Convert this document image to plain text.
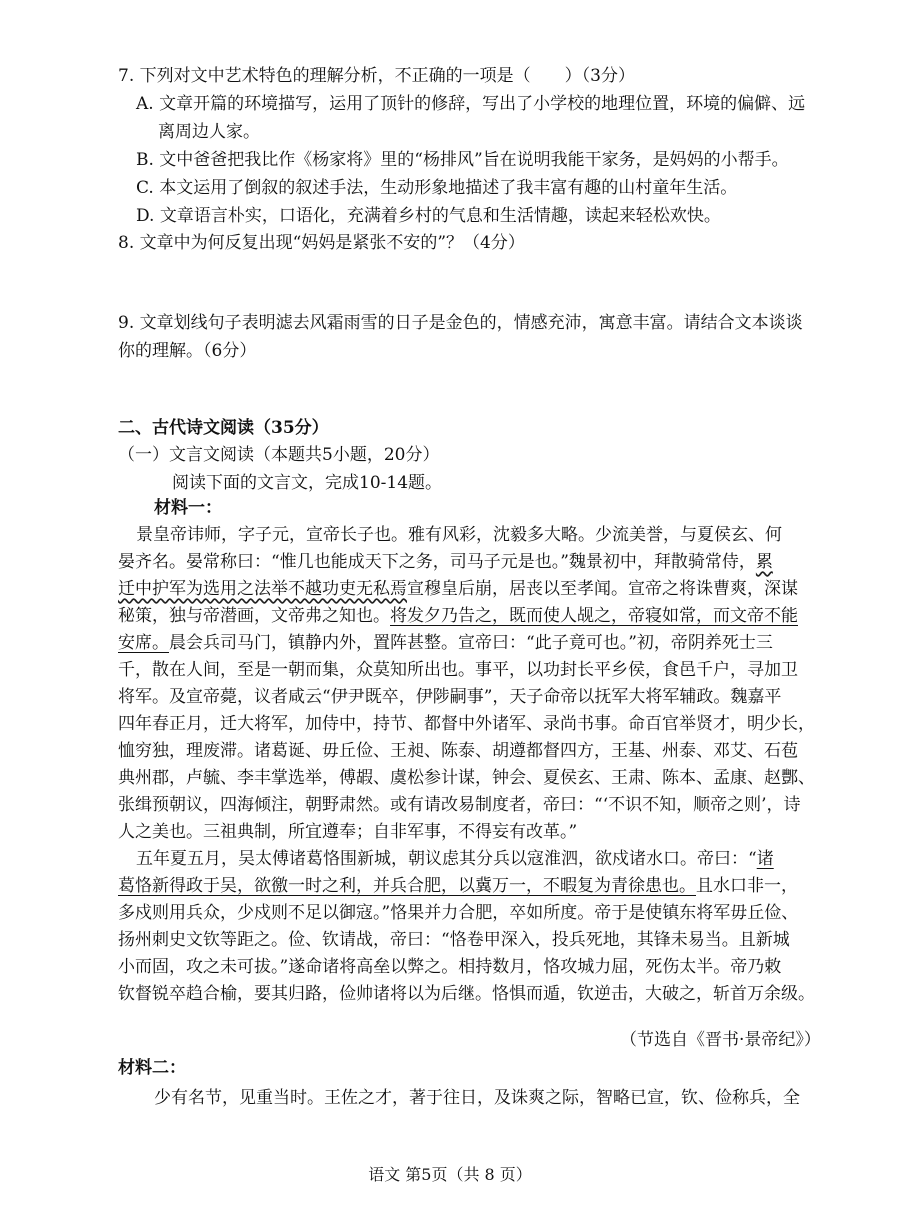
7. 下列对文中艺术特色的理解分析，不正确的一项是（　　）（3分）
A. 文章开篇的环境描写，运用了顶针的修辞，写出了小学校的地理位置，环境的偏僻、远
离周边人家。
B. 文中爸爸把我比作《杨家将》里的“杨排风”旨在说明我能干家务，是妈妈的小帮手。
C. 本文运用了倒叙的叙述手法，生动形象地描述了我丰富有趣的山村童年生活。
D. 文章语言朴实，口语化，充满着乡村的气息和生活情趣，读起来轻松欢快。
8. 文章中为何反复出现“妈妈是紧张不安的”？（4分）
9. 文章划线句子表明滤去风霜雨雪的日子是金色的，情感充沛，寓意丰富。请结合文本谈谈
你的理解。（6分）
二、古代诗文阅读（35分）
（一）文言文阅读（本题共5小题，20分）
阅读下面的文言文，完成10-14题。
材料一：
景皇帝讳师，字子元，宣帝长子也。雅有风彩，沈毅多大略。少流美誉，与夏侯玄、何
晏齐名。晏常称曰：“惟几也能成天下之务，司马子元是也。”魏景初中，拜散骑常侍，累
迁中护军为选用之法举不越功吏无私焉宣穆皇后崩，居丧以至孝闻。宣帝之将诛曹爽，深谋
秘策，独与帝潜画，文帝弗之知也。将发夕乃告之，既而使人觇之，帝寝如常，而文帝不能
安席。晨会兵司马门，镇静内外，置阵甚整。宣帝曰：“此子竟可也。”初，帝阴养死士三
千，散在人间，至是一朝而集，众莫知所出也。事平，以功封长平乡侯，食邑千户，寻加卫
将军。及宣帝薨，议者咸云“伊尹既卒，伊陟嗣事”，天子命帝以抚军大将军辅政。魏嘉平
四年春正月，迁大将军，加侍中，持节、都督中外诸军、录尚书事。命百官举贤才，明少长，
恤穷独，理废滞。诸葛诞、毋丘俭、王昶、陈泰、胡遵都督四方，王基、州泰、邓艾、石苞
典州郡，卢毓、李丰掌选举，傅嘏、虞松参计谋，钟会、夏侯玄、王肃、陈本、孟康、赵酆、
张缉预朝议，四海倾注，朝野肃然。或有请改易制度者，帝曰：“‘不识不知，顺帝之则’，诗
人之美也。三祖典制，所宜遵奉；自非军事，不得妄有改革。”
五年夏五月，吴太傅诸葛恪围新城，朝议虑其分兵以寇淮泗，欲戍诸水口。帝曰：“诸
葛恪新得政于吴，欲徼一时之利，并兵合肥，以冀万一，不暇复为青徐患也。且水口非一，
多戍则用兵众，少戍则不足以御寇。”恪果并力合肥，卒如所度。帝于是使镇东将军毋丘俭、
扬州刺史文钦等距之。俭、钦请战，帝曰：“恪卷甲深入，投兵死地，其锋未易当。且新城
小而固，攻之未可拔。”遂命诸将高垒以弊之。相持数月，恪攻城力屈，死伤太半。帝乃敕
钦督锐卒趋合榆，要其归路，俭帅诸将以为后继。恪惧而遁，钦逆击，大破之，斩首万余级。
（节选自《晋书·景帝纪》）
材料二：
少有名节，见重当时。王佐之才，著于往日，及诛爽之际，智略已宣，钦、俭称兵，全
语文 第5页（共 8 页）
